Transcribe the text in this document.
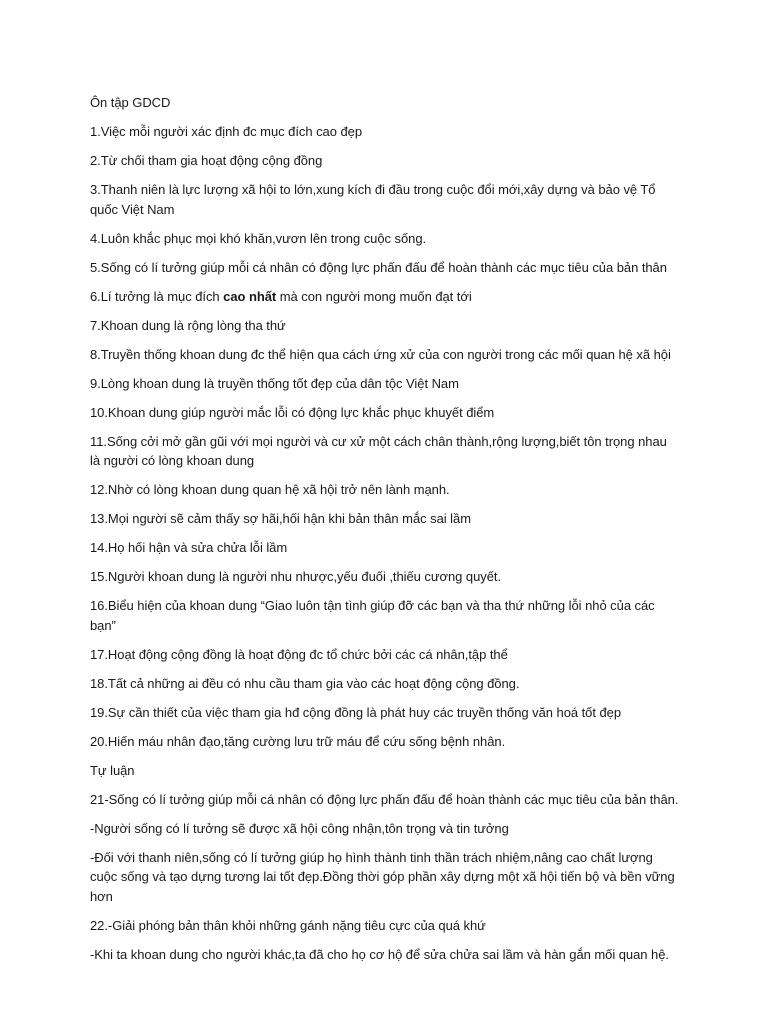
Ôn tập GDCD

1.Việc mỗi người xác định đc mục đích cao đẹp

2.Từ chối tham gia hoạt động cộng đồng

3.Thanh niên là lực lượng xã hội to lớn,xung kích đi đầu trong cuộc đổi mới,xây dựng và bảo vệ Tổ quốc Việt Nam

4.Luôn khắc phục mọi khó khăn,vươn lên trong cuộc sống.

5.Sống có lí tưởng giúp mỗi cá nhân có động lực phấn đấu để hoàn thành các mục tiêu của bản thân

6.Lí tưởng là mục đích cao nhất mà con người mong muốn đạt tới

7.Khoan dung là rộng lòng tha thứ

8.Truyền thống khoan dung đc thể hiện qua cách ứng xử của con người trong các mối quan hệ xã hội

9.Lòng khoan dung là truyền thống tốt đẹp của dân tộc Việt Nam

10.Khoan dung giúp người mắc lỗi có động lực khắc phục khuyết điểm

11.Sống cởi mở gần gũi với mọi người và cư xử một cách chân thành,rộng lượng,biết tôn trọng nhau là người có lòng khoan dung

12.Nhờ có lòng khoan dung quan hệ xã hội trở nên lành mạnh.

13.Mọi người sẽ cảm thấy sợ hãi,hối hận khi bản thân mắc sai lầm

14.Họ hối hận và sửa chửa lỗi lầm

15.Người khoan dung là người nhu nhược,yếu đuối ,thiếu cương quyết.

16.Biểu hiện của khoan dung “Giao luôn tận tình giúp đỡ các bạn và tha thứ những lỗi nhỏ của các bạn”

17.Hoạt động cộng đồng là hoạt động đc tổ chức bởi các cá nhân,tập thể

18.Tất cả những ai đều có nhu cầu tham gia vào các hoạt động cộng đồng.

19.Sự cần thiết của việc tham gia hđ cộng đồng là phát huy các truyền thống văn hoá tốt đẹp

20.Hiến máu nhân đạo,tăng cường lưu trữ máu để cứu sống bệnh nhân.

Tự luận

21-Sống có lí tưởng giúp mỗi cá nhân có động lực phấn đấu để hoàn thành các mục tiêu của bản thân.

-Người sống có lí tưởng sẽ được xã hội công nhận,tôn trọng và tin tưởng

-Đối với thanh niên,sống có lí tưởng giúp họ hình thành tinh thần trách nhiệm,nâng cao chất lượng cuộc sống và tạo dựng tương lai tốt đẹp.Đồng thời góp phần xây dựng một xã hội tiến bộ và bền vững hơn

22.-Giải phóng bản thân khỏi những gánh nặng tiêu cực của quá khứ

-Khi ta khoan dung cho người khác,ta đã cho họ cơ hộ để sửa chửa sai lầm và hàn gắn mối quan hệ.
